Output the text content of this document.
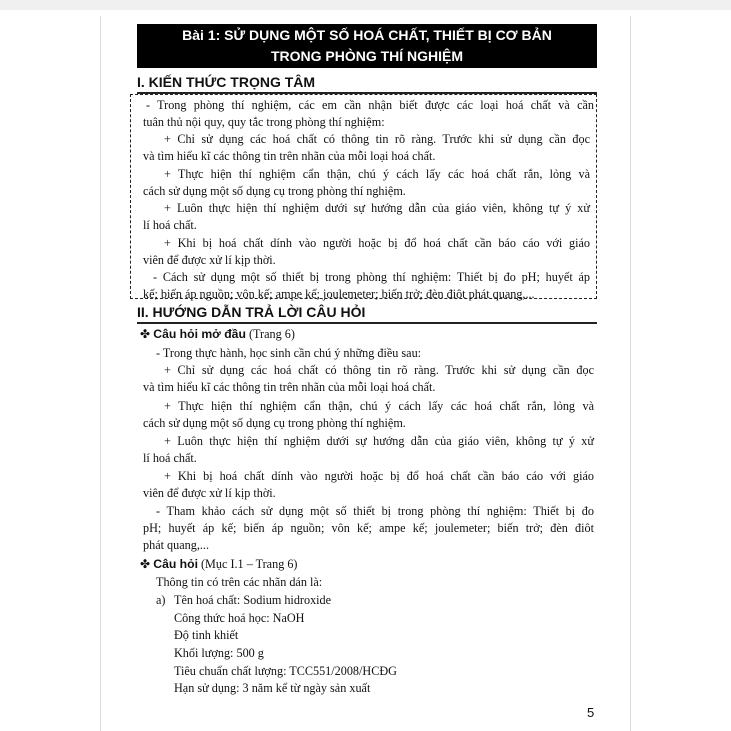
Bài 1: SỬ DỤNG MỘT SỐ HOÁ CHẤT, THIẾT BỊ CƠ BẢN
TRONG PHÒNG THÍ NGHIỆM
I. KIẾN THỨC TRỌNG TÂM
- Trong phòng thí nghiệm, các em cần nhận biết được các loại hoá chất và cần
tuân thủ nội quy, quy tắc trong phòng thí nghiệm:
+ Chỉ sử dụng các hoá chất có thông tin rõ ràng. Trước khi sử dụng cần đọc
và tìm hiểu kĩ các thông tin trên nhãn của mỗi loại hoá chất.
+ Thực hiện thí nghiệm cẩn thận, chú ý cách lấy các hoá chất rắn, lỏng và
cách sử dụng một số dụng cụ trong phòng thí nghiệm.
+ Luôn thực hiện thí nghiệm dưới sự hướng dẫn của giáo viên, không tự ý xử
lí hoá chất.
+ Khi bị hoá chất dính vào người hoặc bị đổ hoá chất cần báo cáo với giáo
viên để được xử lí kịp thời.
- Cách sử dụng một số thiết bị trong phòng thí nghiệm: Thiết bị đo pH; huyết áp
kế; biến áp nguồn; vôn kế; ampe kế; joulemeter; biến trở; đèn điôt phát quang,...
II. HƯỚNG DẪN TRẢ LỜI CÂU HỎI
✤ Câu hỏi mở đầu (Trang 6)
- Trong thực hành, học sinh cần chú ý những điều sau:
+ Chỉ sử dụng các hoá chất có thông tin rõ ràng. Trước khi sử dụng cần đọc
và tìm hiểu kĩ các thông tin trên nhãn của mỗi loại hoá chất.
+ Thực hiện thí nghiệm cẩn thận, chú ý cách lấy các hoá chất rắn, lỏng và
cách sử dụng một số dụng cụ trong phòng thí nghiệm.
+ Luôn thực hiện thí nghiệm dưới sự hướng dẫn của giáo viên, không tự ý xử
lí hoá chất.
+ Khi bị hoá chất dính vào người hoặc bị đổ hoá chất cần báo cáo với giáo
viên để được xử lí kịp thời.
- Tham khảo cách sử dụng một số thiết bị trong phòng thí nghiệm: Thiết bị đo
pH; huyết áp kế; biến áp nguồn; vôn kế; ampe kế; joulemeter; biến trở; đèn điôt
phát quang,...
✤ Câu hỏi (Mục I.1 – Trang 6)
Thông tin có trên các nhãn dán là:
a) Tên hoá chất: Sodium hidroxide
Công thức hoá học: NaOH
Độ tinh khiết
Khối lượng: 500 g
Tiêu chuẩn chất lượng: TCC551/2008/HCĐG
Hạn sử dụng: 3 năm kể từ ngày sản xuất
5
